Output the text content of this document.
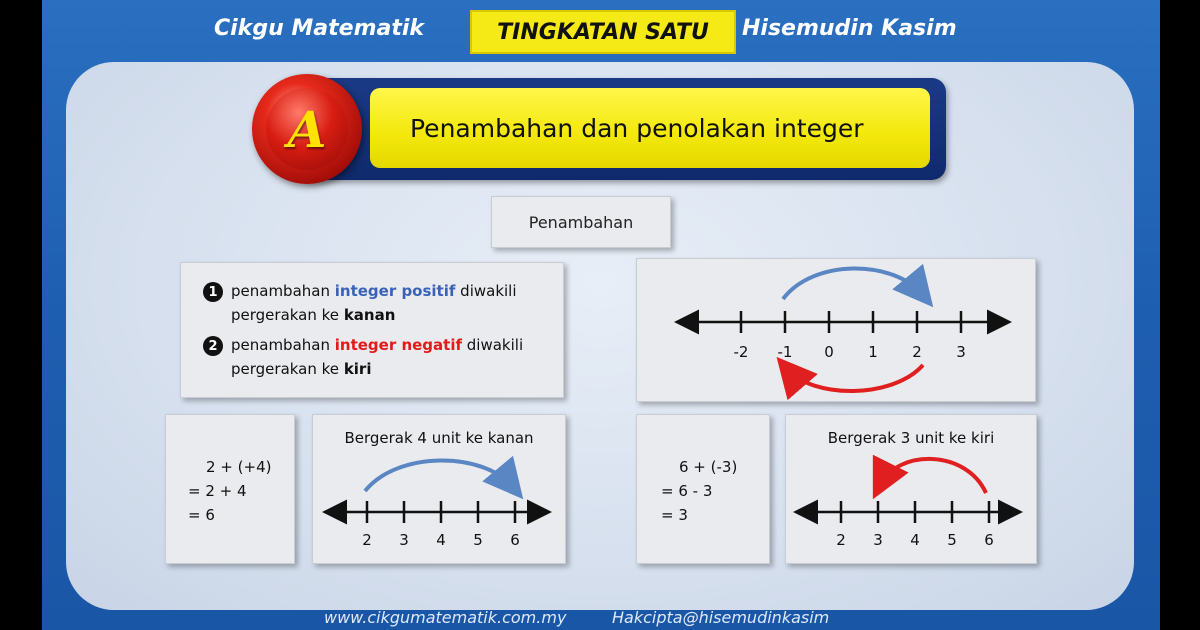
Cikgu Matematik	TINGKATAN SATU	Hisemudin Kasim
Penambahan dan penolakan integer
A
Penambahan
1 penambahan integer positif diwakili
pergerakan ke kanan
2 penambahan integer negatif diwakili
pergerakan ke kiri
-2 -1 0 1 2 3
2 + (+4)
= 2 + 4
= 6
Bergerak 4 unit ke kanan
2 3 4 5 6
6 + (-3)
= 6 - 3
= 3
Bergerak 3 unit ke kiri
2 3 4 5 6
www.cikgumatematik.com.my	Hakcipta@hisemudinkasim
